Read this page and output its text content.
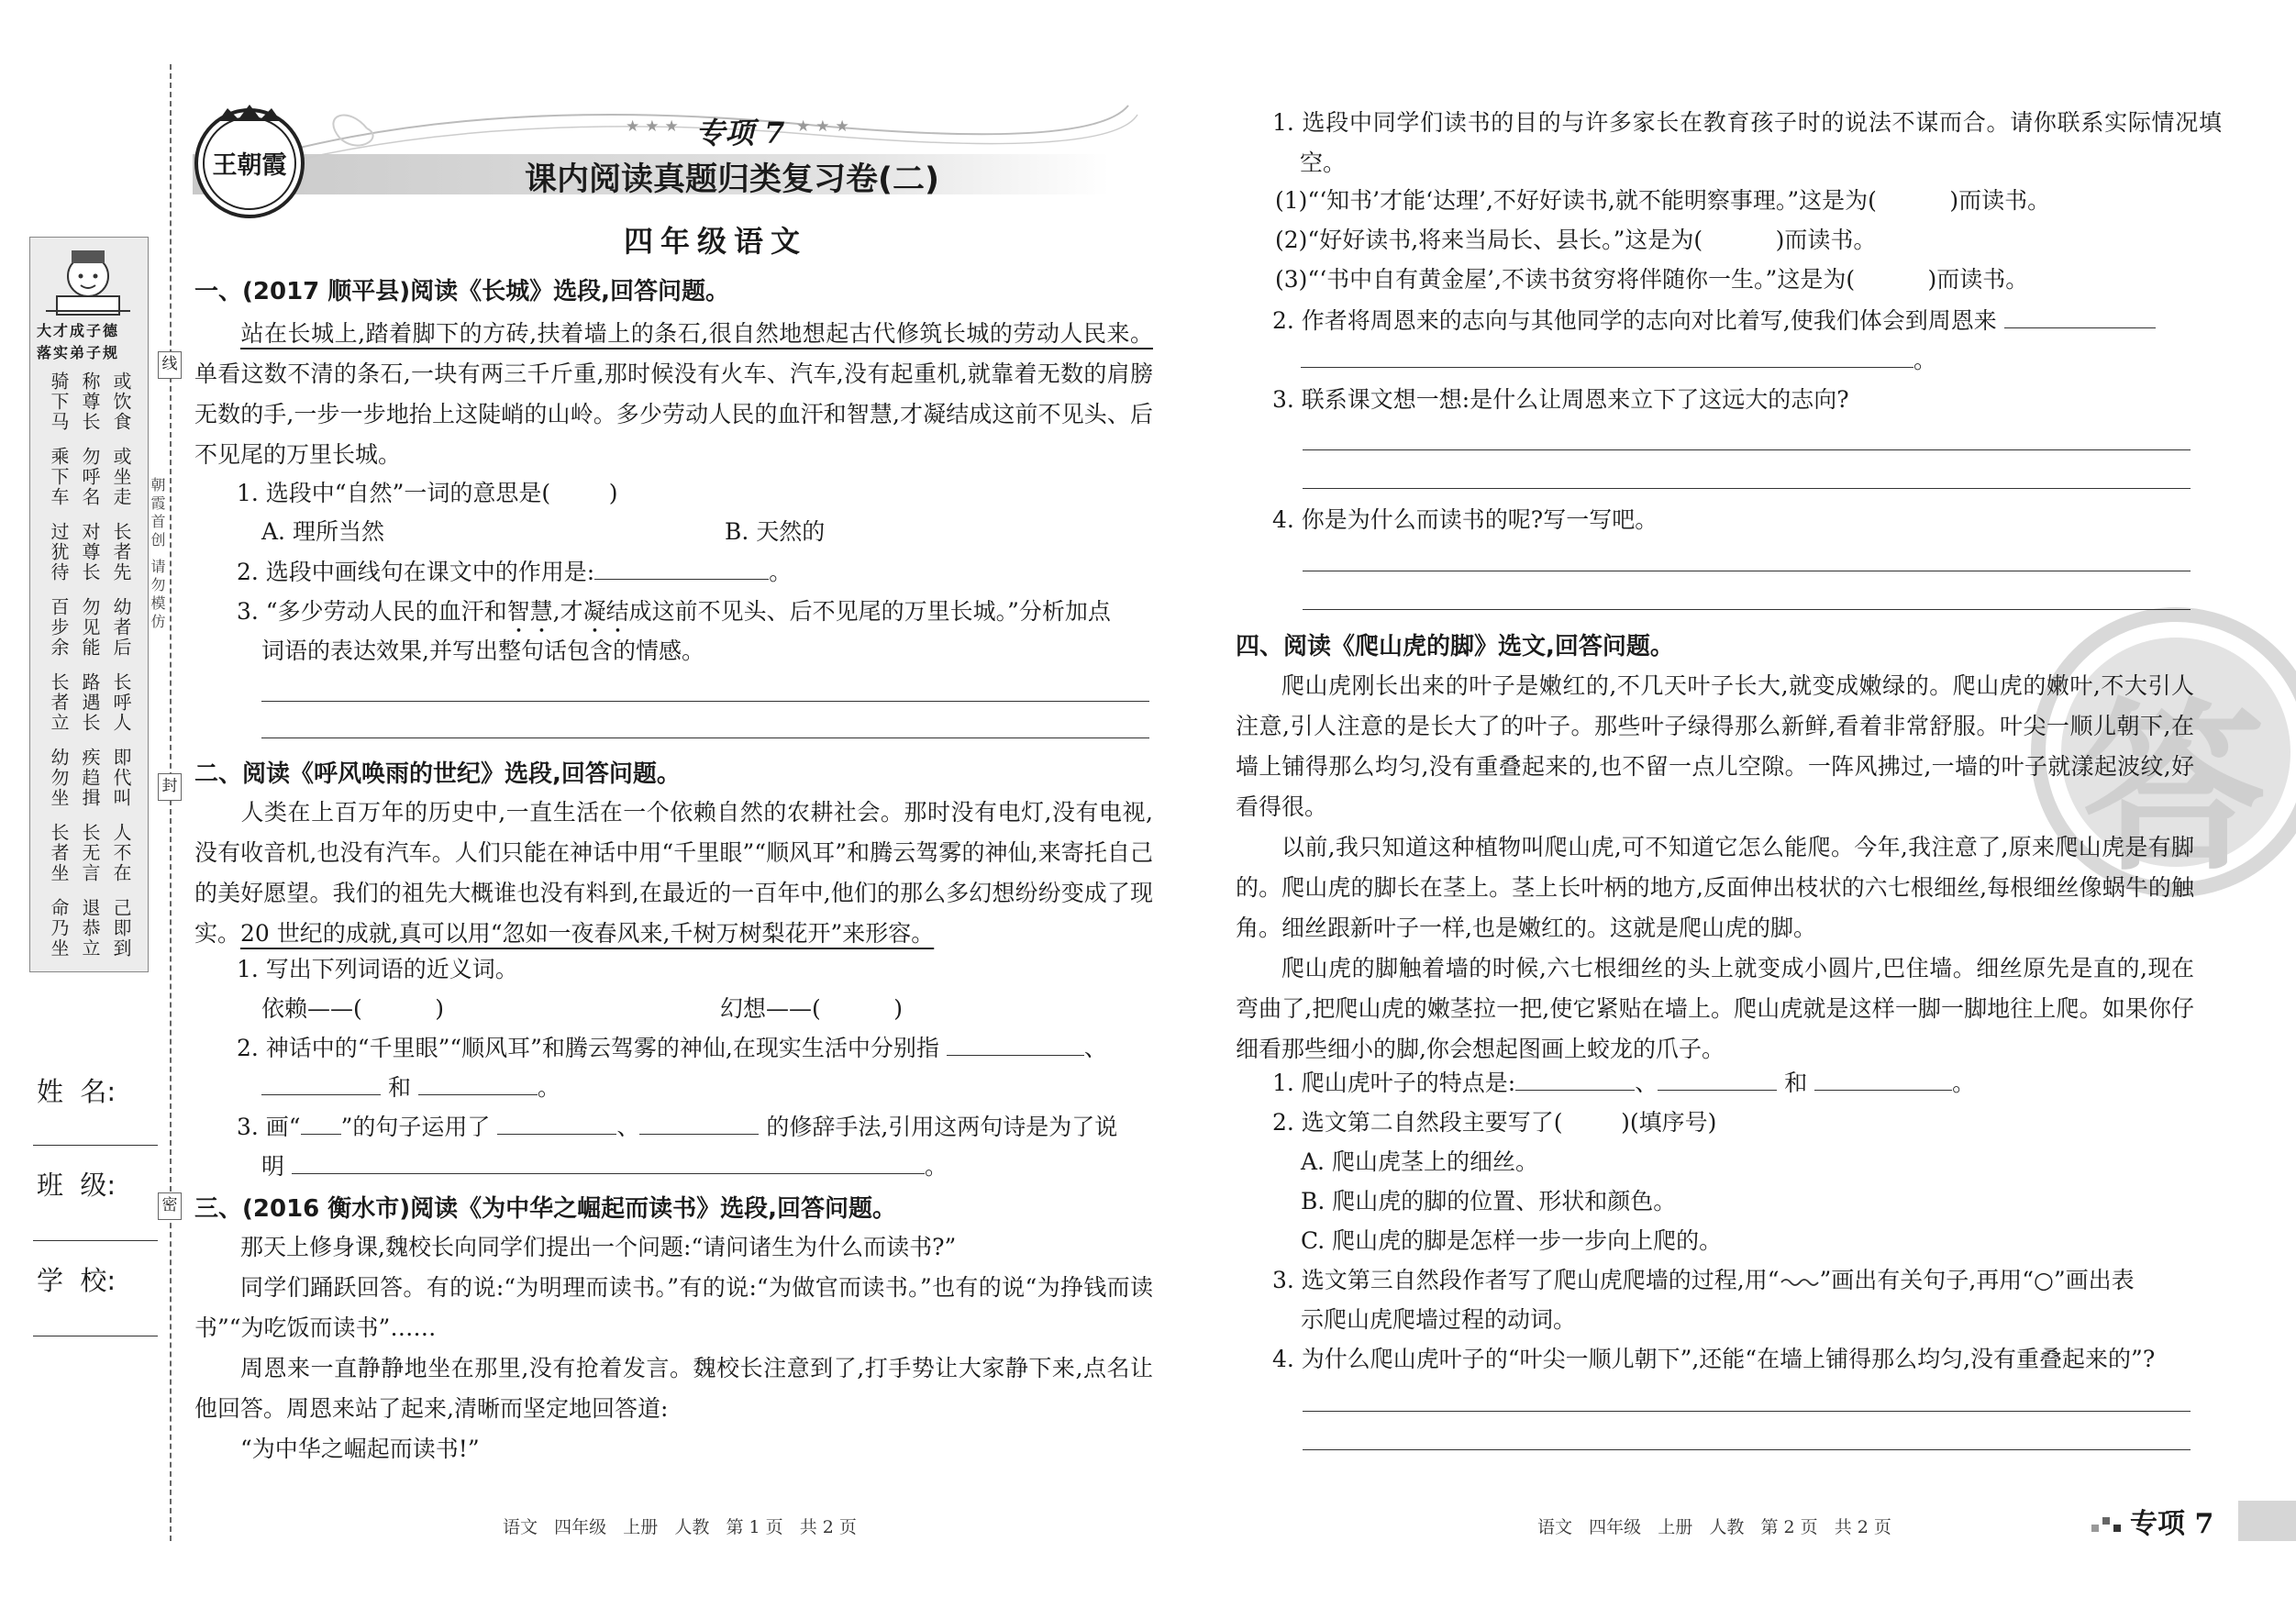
大才成子德
落实弟子规
骑下马 称尊长 或饮食
乘下车 勿呼名 或坐走
过犹待 对尊长 长者先
百步余 勿见能 幼者后
长者立 路遇长 长呼人
幼勿坐 疾趋揖 即代叫
长者坐 长无言 人不在
命乃坐 退恭立 己即到
姓  名:
班  级:
学  校:
线
封
密
朝霞首创 请勿模仿
王朝霞
★★★ 专项 7 ★★★
课内阅读真题归类复习卷(二)
四年级语文
一、(2017 顺平县)阅读《长城》选段,回答问题。
站在长城上,踏着脚下的方砖,扶着墙上的条石,很自然地想起古代修筑长城的劳动人民来。单看这数不清的条石,一块有两三千斤重,那时候没有火车、汽车,没有起重机,就靠着无数的肩膀无数的手,一步一步地抬上这陡峭的山岭。多少劳动人民的血汗和智慧,才凝结成这前不见头、后不见尾的万里长城。
1. 选段中“自然”一词的意思是(        )
A. 理所当然	B. 天然的
2. 选段中画线句在课文中的作用是:	。
3. “多少劳动人民的血汗和智慧,才凝结成这前不见头、后不见尾的万里长城。”分析加点
词语的表达效果,并写出整句话包含的情感。
二、阅读《呼风唤雨的世纪》选段,回答问题。
人类在上百万年的历史中,一直生活在一个依赖自然的农耕社会。那时没有电灯,没有电视,没有收音机,也没有汽车。人们只能在神话中用“千里眼”“顺风耳”和腾云驾雾的神仙,来寄托自己的美好愿望。我们的祖先大概谁也没有料到,在最近的一百年中,他们的那么多幻想纷纷变成了现实。20 世纪的成就,真可以用“忽如一夜春风来,千树万树梨花开”来形容。
1. 写出下列词语的近义词。
依赖——(          )	幻想——(          )
2. 神话中的“千里眼”“顺风耳”和腾云驾雾的神仙,在现实生活中分别指	、
和	。
3. 画“ ”的句子运用了	、	的修辞手法,引用这两句诗是为了说
明	。
三、(2016 衡水市)阅读《为中华之崛起而读书》选段,回答问题。
那天上修身课,魏校长向同学们提出一个问题:“请问诸生为什么而读书?”
同学们踊跃回答。有的说:“为明理而读书。”有的说:“为做官而读书。”也有的说“为挣钱而读书”“为吃饭而读书”……
周恩来一直静静地坐在那里,没有抢着发言。魏校长注意到了,打手势让大家静下来,点名让他回答。周恩来站了起来,清晰而坚定地回答道:
“为中华之崛起而读书!”
语文   四年级   上册   人教   第 1 页   共 2 页
答
1. 选段中同学们读书的目的与许多家长在教育孩子时的说法不谋而合。请你联系实际情况填空。
(1)“‘知书’才能‘达理’,不好好读书,就不能明察事理。”这是为(          )而读书。
(2)“好好读书,将来当局长、县长。”这是为(          )而读书。
(3)“‘书中自有黄金屋’,不读书贫穷将伴随你一生。”这是为(          )而读书。
2. 作者将周恩来的志向与其他同学的志向对比着写,使我们体会到周恩来
。
3. 联系课文想一想:是什么让周恩来立下了这远大的志向?
4. 你是为什么而读书的呢?写一写吧。
四、阅读《爬山虎的脚》选文,回答问题。
爬山虎刚长出来的叶子是嫩红的,不几天叶子长大,就变成嫩绿的。爬山虎的嫩叶,不大引人注意,引人注意的是长大了的叶子。那些叶子绿得那么新鲜,看着非常舒服。叶尖一顺儿朝下,在墙上铺得那么均匀,没有重叠起来的,也不留一点儿空隙。一阵风拂过,一墙的叶子就漾起波纹,好看得很。
以前,我只知道这种植物叫爬山虎,可不知道它怎么能爬。今年,我注意了,原来爬山虎是有脚的。爬山虎的脚长在茎上。茎上长叶柄的地方,反面伸出枝状的六七根细丝,每根细丝像蜗牛的触角。细丝跟新叶子一样,也是嫩红的。这就是爬山虎的脚。
爬山虎的脚触着墙的时候,六七根细丝的头上就变成小圆片,巴住墙。细丝原先是直的,现在弯曲了,把爬山虎的嫩茎拉一把,使它紧贴在墙上。爬山虎就是这样一脚一脚地往上爬。如果你仔细看那些细小的脚,你会想起图画上蛟龙的爪子。
1. 爬山虎叶子的特点是:	、	和	。
2. 选文第二自然段主要写了(        )(填序号)
A. 爬山虎茎上的细丝。
B. 爬山虎的脚的位置、形状和颜色。
C. 爬山虎的脚是怎样一步一步向上爬的。
3. 选文第三自然段作者写了爬山虎爬墙的过程,用“ ”画出有关句子,再用“○”画出表
示爬山虎爬墙过程的动词。
4. 为什么爬山虎叶子的“叶尖一顺儿朝下”,还能“在墙上铺得那么均匀,没有重叠起来的”?
语文   四年级   上册   人教   第 2 页   共 2 页	专项 7
